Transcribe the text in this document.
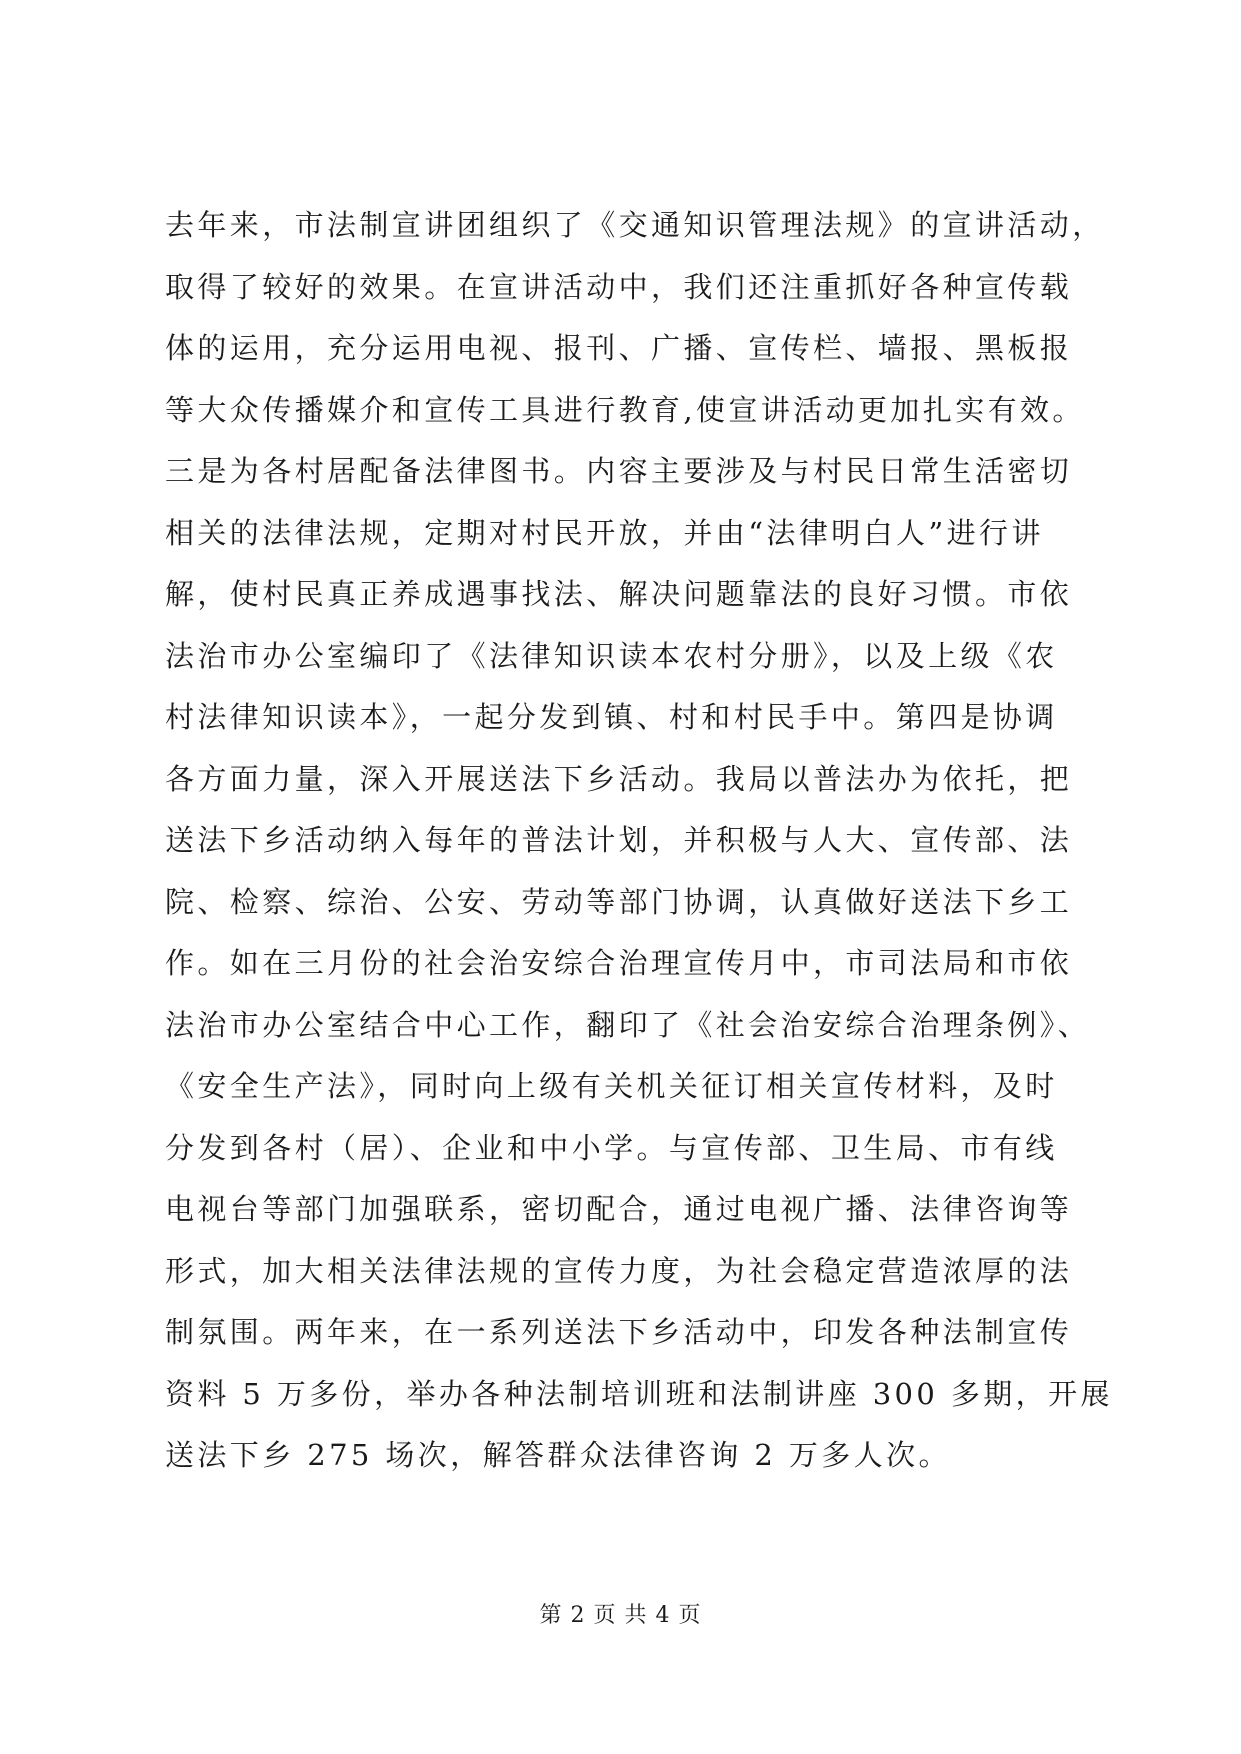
去年来，市法制宣讲团组织了《交通知识管理法规》的宣讲活动，
取得了较好的效果。在宣讲活动中，我们还注重抓好各种宣传载
体的运用，充分运用电视、报刊、广播、宣传栏、墙报、黑板报
等大众传播媒介和宣传工具进行教育,使宣讲活动更加扎实有效。
三是为各村居配备法律图书。内容主要涉及与村民日常生活密切
相关的法律法规，定期对村民开放，并由“法律明白人”进行讲
解，使村民真正养成遇事找法、解决问题靠法的良好习惯。市依
法治市办公室编印了《法律知识读本农村分册》，以及上级《农
村法律知识读本》，一起分发到镇、村和村民手中。第四是协调
各方面力量，深入开展送法下乡活动。我局以普法办为依托，把
送法下乡活动纳入每年的普法计划，并积极与人大、宣传部、法
院、检察、综治、公安、劳动等部门协调，认真做好送法下乡工
作。如在三月份的社会治安综合治理宣传月中，市司法局和市依
法治市办公室结合中心工作，翻印了《社会治安综合治理条例》、
《安全生产法》，同时向上级有关机关征订相关宣传材料，及时
分发到各村（居）、企业和中小学。与宣传部、卫生局、市有线
电视台等部门加强联系，密切配合，通过电视广播、法律咨询等
形式，加大相关法律法规的宣传力度，为社会稳定营造浓厚的法
制氛围。两年来，在一系列送法下乡活动中，印发各种法制宣传
资料 5 万多份，举办各种法制培训班和法制讲座 300 多期，开展
送法下乡 275 场次，解答群众法律咨询 2 万多人次。
第 2 页 共 4 页
